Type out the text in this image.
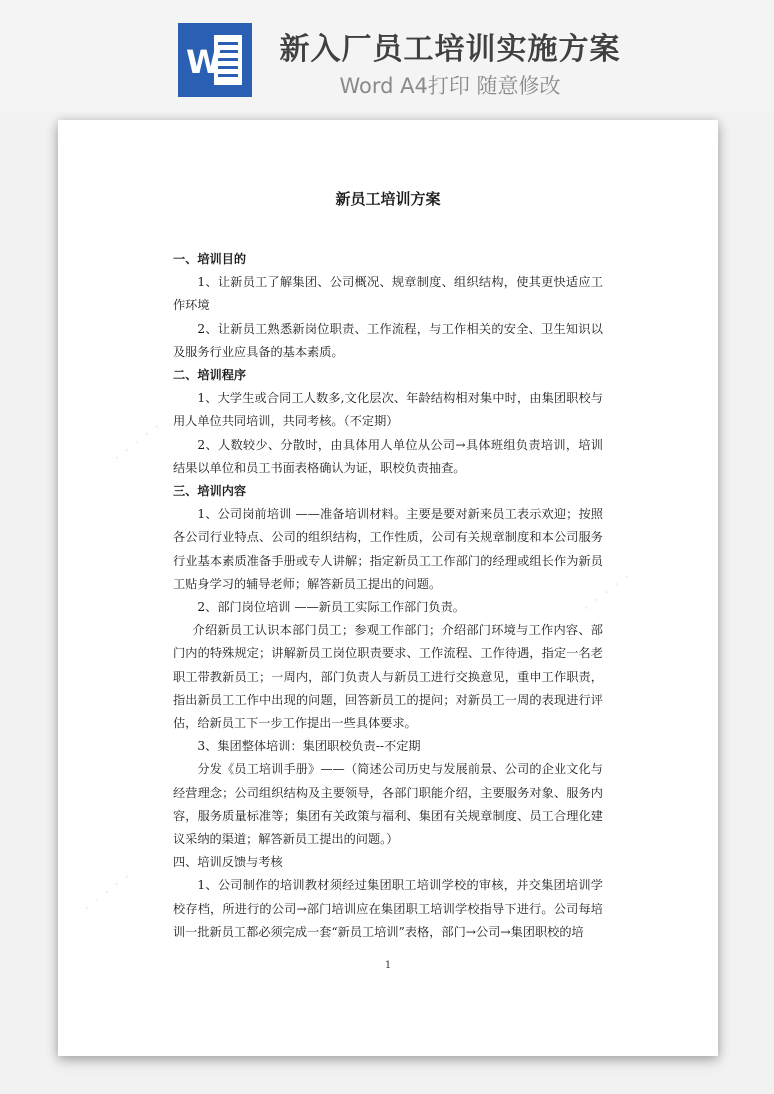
W	新入厂员工培训实施方案
Word A4打印 随意修改
· · · · ·
· · · · ·
· · · · ·
新员工培训方案

一、培训目的

1、让新员工了解集团、公司概况、规章制度、组织结构，使其更快适应工作环境

2、让新员工熟悉新岗位职责、工作流程，与工作相关的安全、卫生知识以及服务行业应具备的基本素质。

二、培训程序

1、大学生或合同工人数多,文化层次、年龄结构相对集中时，由集团职校与用人单位共同培训，共同考核。（不定期）

2、人数较少、分散时，由具体用人单位从公司→具体班组负责培训，培训结果以单位和员工书面表格确认为证，职校负责抽查。

三、培训内容

1、公司岗前培训 ——准备培训材料。主要是要对新来员工表示欢迎；按照各公司行业特点、公司的组织结构，工作性质，公司有关规章制度和本公司服务行业基本素质准备手册或专人讲解；指定新员工工作部门的经理或组长作为新员工贴身学习的辅导老师；解答新员工提出的问题。

2、部门岗位培训 ——新员工实际工作部门负责。

介绍新员工认识本部门员工；参观工作部门；介绍部门环境与工作内容、部门内的特殊规定；讲解新员工岗位职责要求、工作流程、工作待遇，指定一名老职工带教新员工；一周内，部门负责人与新员工进行交换意见，重申工作职责，指出新员工工作中出现的问题，回答新员工的提问；对新员工一周的表现进行评估，给新员工下一步工作提出一些具体要求。

3、集团整体培训：集团职校负责--不定期

分发《员工培训手册》——（简述公司历史与发展前景、公司的企业文化与经营理念；公司组织结构及主要领导，各部门职能介绍，主要服务对象、服务内容，服务质量标准等；集团有关政策与福利、集团有关规章制度、员工合理化建议采纳的渠道；解答新员工提出的问题。）

四、培训反馈与考核

1、公司制作的培训教材须经过集团职工培训学校的审核，并交集团培训学校存档，所进行的公司→部门培训应在集团职工培训学校指导下进行。公司每培训一批新员工都必须完成一套“新员工培训”表格，部门→公司→集团职校的培

1
